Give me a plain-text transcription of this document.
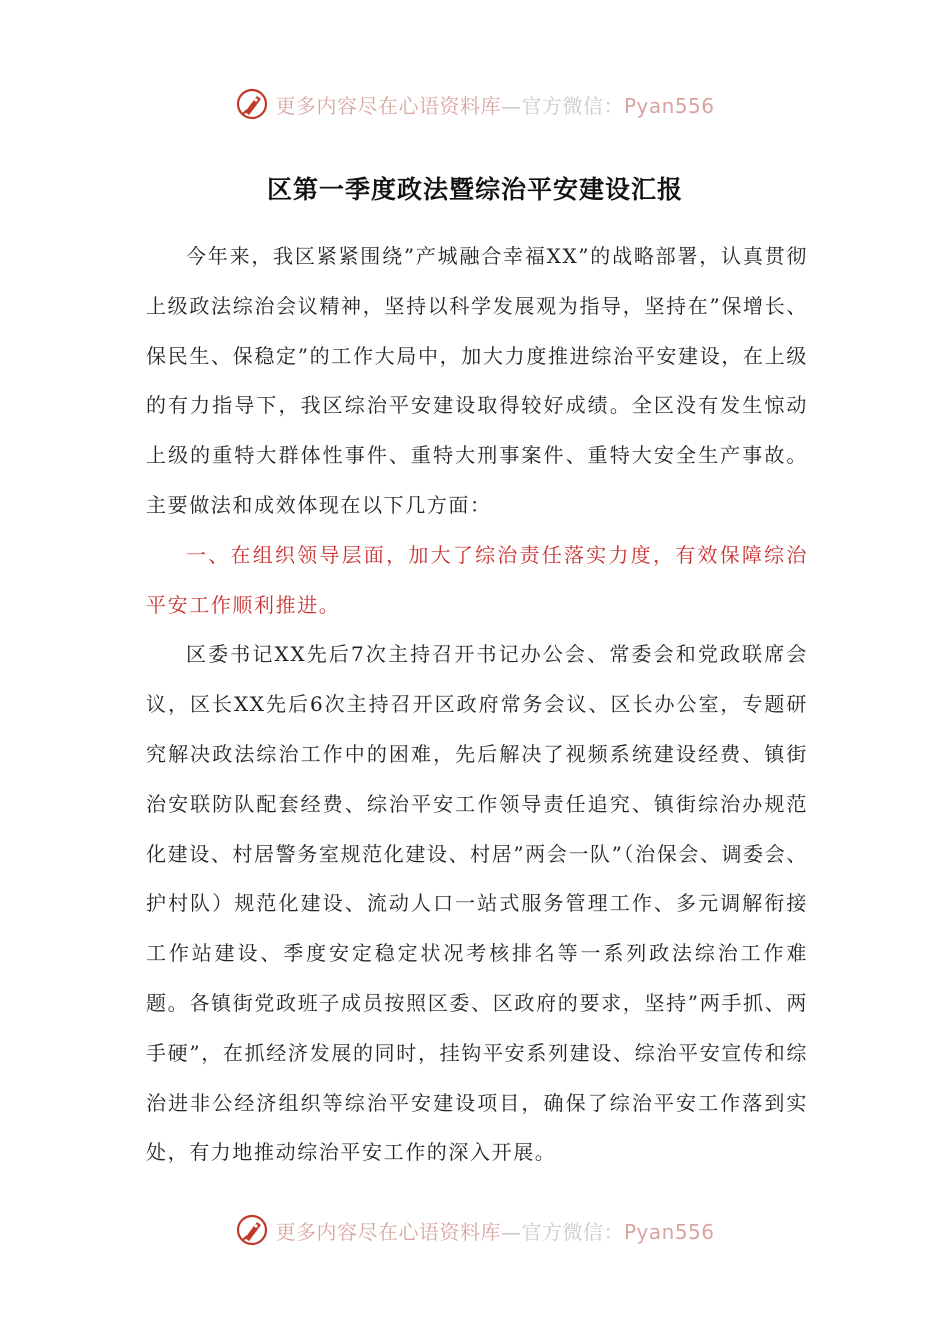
更多内容尽在心语资料库—官方微信：Pyan556
区第一季度政法暨综治平安建设汇报

今年来，我区紧紧围绕”产城融合幸福XX”的战略部署，认真贯彻上级政法综治会议精神，坚持以科学发展观为指导，坚持在”保增长、保民生、保稳定”的工作大局中，加大力度推进综治平安建设，在上级的有力指导下，我区综治平安建设取得较好成绩。全区没有发生惊动上级的重特大群体性事件、重特大刑事案件、重特大安全生产事故。主要做法和成效体现在以下几方面：

一、在组织领导层面，加大了综治责任落实力度，有效保障综治平安工作顺利推进。

区委书记XX先后7次主持召开书记办公会、常委会和党政联席会议，区长XX先后6次主持召开区政府常务会议、区长办公室，专题研究解决政法综治工作中的困难，先后解决了视频系统建设经费、镇街治安联防队配套经费、综治平安工作领导责任追究、镇街综治办规范化建设、村居警务室规范化建设、村居”两会一队”（治保会、调委会、护村队）规范化建设、流动人口一站式服务管理工作、多元调解衔接工作站建设、季度安定稳定状况考核排名等一系列政法综治工作难题。各镇街党政班子成员按照区委、区政府的要求，坚持”两手抓、两手硬”，在抓经济发展的同时，挂钩平安系列建设、综治平安宣传和综治进非公经济组织等综治平安建设项目，确保了综治平安工作落到实处，有力地推动综治平安工作的深入开展。

更多内容尽在心语资料库—官方微信：Pyan556
